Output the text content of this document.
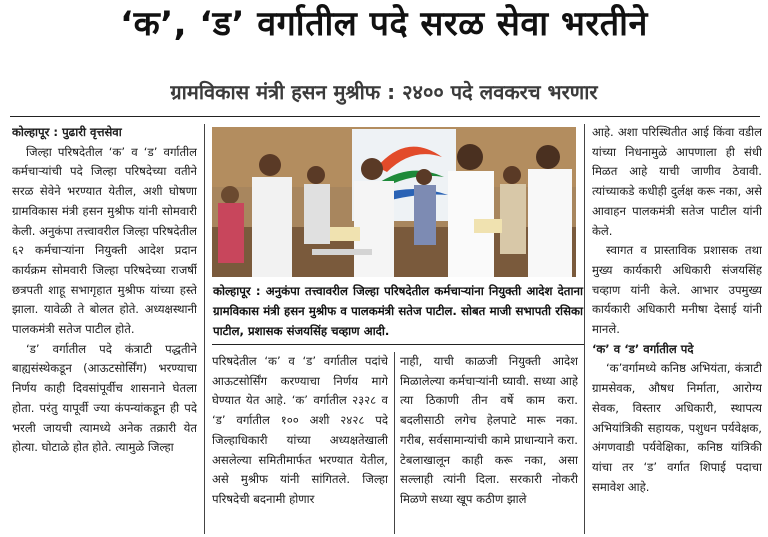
‘क’, ‘ड’ वर्गातील पदे सरळ सेवा भरतीने
ग्रामविकास मंत्री हसन मुश्रीफ : २४०० पदे लवकरच भरणार
कोल्हापूर : पुढारी वृत्तसेवा

जिल्हा परिषदेतील ‘क’ व ‘ड’ वर्गातील कर्मचाऱ्यांची पदे जिल्हा परिषदेच्या वतीने सरळ सेवेने भरण्यात येतील, अशी घोषणा ग्रामविकास मंत्री हसन मुश्रीफ यांनी सोमवारी केली. अनुकंपा तत्त्वावरील जिल्हा परिषदेतील ६२ कर्मचाऱ्यांना नियुक्ती आदेश प्रदान कार्यक्रम सोमवारी जिल्हा परिषदेच्या राजर्षी छत्रपती शाहू सभागृहात मुश्रीफ यांच्या हस्ते झाला. यावेळी ते बोलत होते. अध्यक्षस्थानी पालकमंत्री सतेज पाटील होते.

‘ड’ वर्गातील पदे कंत्राटी पद्धतीने बाह्यसंस्थेकडून (आऊटसोर्सिंग) भरण्याचा निर्णय काही दिवसांपूर्वीच शासनाने घेतला होता. परंतु यापूर्वी ज्या कंपन्यांकडून ही पदे भरली जायची त्यामध्ये अनेक तक्रारी येत होत्या. घोटाळे होत होते. त्यामुळे जिल्हा

कोल्हापूर : अनुकंपा तत्त्वावरील जिल्हा परिषदेतील कर्मचाऱ्यांना नियुक्ती आदेश देताना ग्रामविकास मंत्री हसन मुश्रीफ व पालकमंत्री सतेज पाटील. सोबत माजी सभापती रसिका पाटील, प्रशासक संजयसिंह चव्हाण आदी.

परिषदेतील ‘क’ व ‘ड’ वर्गातील पदांचे आऊटसोर्सिंग करण्याचा निर्णय मागे घेण्यात येत आहे. ‘क’ वर्गातील २३२८ व ‘ड’ वर्गातील १०० अशी २४२८ पदे जिल्हाधिकारी यांच्या अध्यक्षतेखाली असलेल्या समितीमार्फत भरण्यात येतील, असे मुश्रीफ यांनी सांगितले. जिल्हा परिषदेची बदनामी होणार

नाही, याची काळजी नियुक्ती आदेश मिळालेल्या कर्मचाऱ्यांनी घ्यावी. सध्या आहे त्या ठिकाणी तीन वर्षे काम करा. बदलीसाठी लगेच हेलपाटे मारू नका. गरीब, सर्वसामान्यांची कामे प्राधान्याने करा. टेबलाखालून काही करू नका, असा सल्लाही त्यांनी दिला. सरकारी नोकरी मिळणे सध्या खूप कठीण झाले

आहे. अशा परिस्थितीत आई किंवा वडील यांच्या निधनामुळे आपणाला ही संधी मिळत आहे याची जाणीव ठेवावी. त्यांच्याकडे कधीही दुर्लक्ष करू नका, असे आवाहन पालकमंत्री सतेज पाटील यांनी केले.

स्वागत व प्रास्ताविक प्रशासक तथा मुख्य कार्यकारी अधिकारी संजयसिंह चव्हाण यांनी केले. आभार उपमुख्य कार्यकारी अधिकारी मनीषा देसाई यांनी मानले.

‘क’ व ‘ड’ वर्गातील पदे

‘क’वर्गामध्ये कनिष्ठ अभियंता, कंत्राटी ग्रामसेवक, औषध निर्माता, आरोग्य सेवक, विस्तार अधिकारी, स्थापत्य अभियांत्रिकी सहायक, पशुधन पर्यवेक्षक, अंगणवाडी पर्यवेक्षिका, कनिष्ठ यांत्रिकी यांचा तर ‘ड’ वर्गात शिपाई पदाचा समावेश आहे.
